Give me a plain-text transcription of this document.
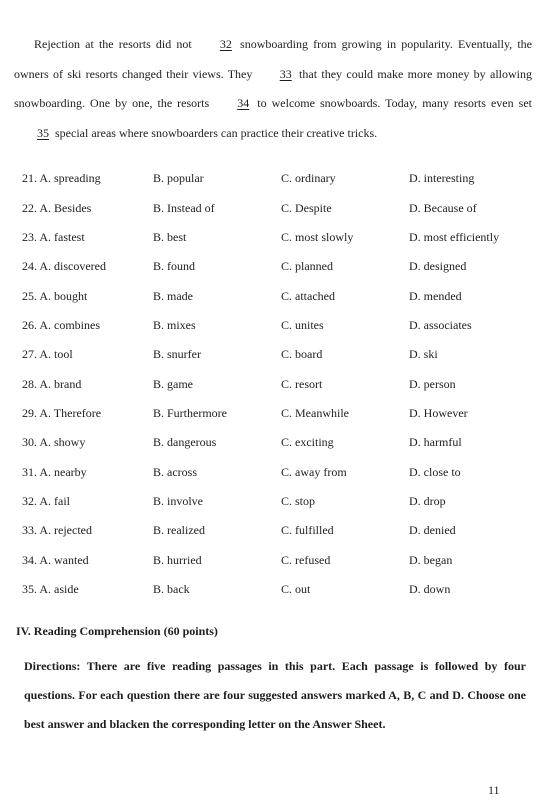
Rejection at the resorts did not 32 snowboarding from growing in popularity. Eventually, the owners of ski resorts changed their views. They 33 that they could make more money by allowing snowboarding. One by one, the resorts 34 to welcome snowboards. Today, many resorts even set 35 special areas where snowboarders can practice their creative tricks.

21. A. spreading	B. popular	C. ordinary	D. interesting
22. A. Besides	B. Instead of	C. Despite	D. Because of
23. A. fastest	B. best	C. most slowly	D. most efficiently
24. A. discovered	B. found	C. planned	D. designed
25. A. bought	B. made	C. attached	D. mended
26. A. combines	B. mixes	C. unites	D. associates
27. A. tool	B. snurfer	C. board	D. ski
28. A. brand	B. game	C. resort	D. person
29. A. Therefore	B. Furthermore	C. Meanwhile	D. However
30. A. showy	B. dangerous	C. exciting	D. harmful
31. A. nearby	B. across	C. away from	D. close to
32. A. fail	B. involve	C. stop	D. drop
33. A. rejected	B. realized	C. fulfilled	D. denied
34. A. wanted	B. hurried	C. refused	D. began
35. A. aside	B. back	C. out	D. down
IV. Reading Comprehension (60 points)

Directions: There are five reading passages in this part. Each passage is followed by four questions. For each question there are four suggested answers marked A, B, C and D. Choose one best answer and blacken the corresponding letter on the Answer Sheet.

11
